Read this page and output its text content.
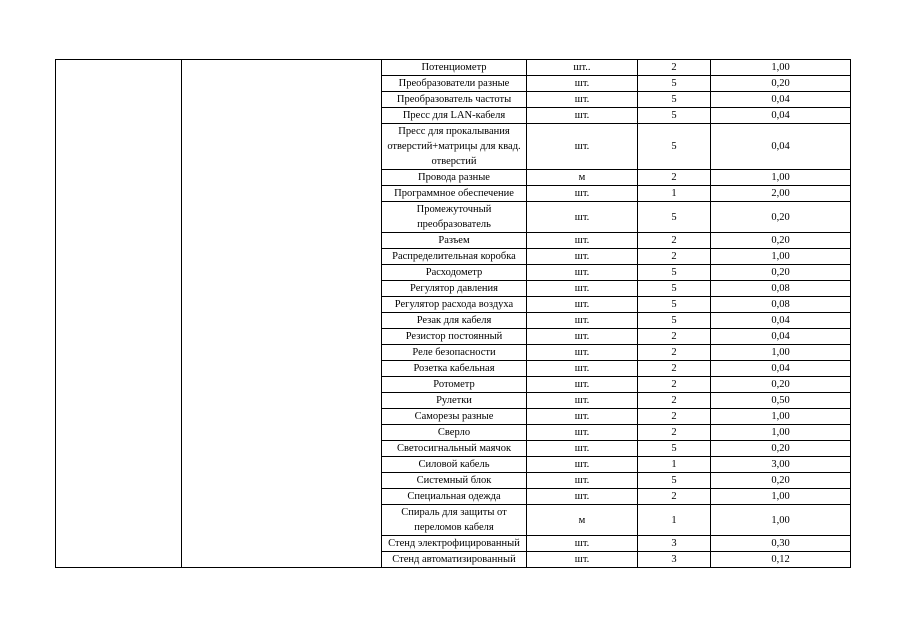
		Потенциометр	шт..	2	1,00
		Преобразователи разные	шт.	5	0,20
		Преобразователь частоты	шт.	5	0,04
		Пресс для LAN-кабеля	шт.	5	0,04
		Пресс для прокалывания отверстий+матрицы для квад. отверстий	шт.	5	0,04
		Провода разные	м	2	1,00
		Программное обеспечение	шт.	1	2,00
		Промежуточный преобразователь	шт.	5	0,20
		Разъем	шт.	2	0,20
		Распределительная коробка	шт.	2	1,00
		Расходометр	шт.	5	0,20
		Регулятор давления	шт.	5	0,08
		Регулятор расхода воздуха	шт.	5	0,08
		Резак для кабеля	шт.	5	0,04
		Резистор постоянный	шт.	2	0,04
		Реле безопасности	шт.	2	1,00
		Розетка кабельная	шт.	2	0,04
		Ротометр	шт.	2	0,20
		Рулетки	шт.	2	0,50
		Саморезы разные	шт.	2	1,00
		Сверло	шт.	2	1,00
		Светосигнальный маячок	шт.	5	0,20
		Силовой кабель	шт.	1	3,00
		Системный блок	шт.	5	0,20
		Специальная одежда	шт.	2	1,00
		Спираль для защиты от переломов кабеля	м	1	1,00
		Стенд электрофицированный	шт.	3	0,30
		Стенд автоматизированный	шт.	3	0,12
